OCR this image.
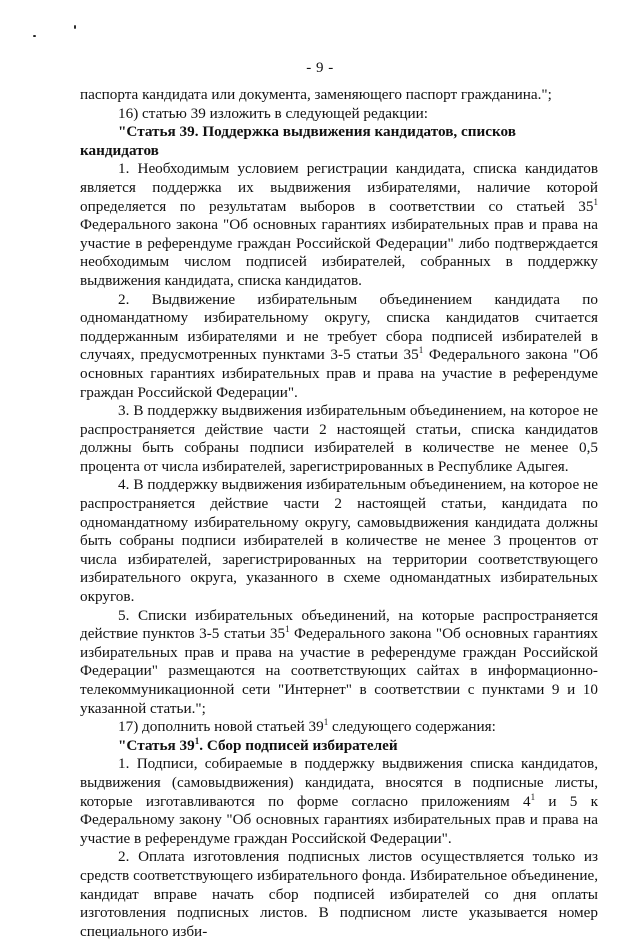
- 9 -

паспорта кандидата или документа, заменяющего паспорт гражданина.";

16) статью 39 изложить в следующей редакции:

"Статья 39. Поддержка выдвижения кандидатов, списков кандидатов

1. Необходимым условием регистрации кандидата, списка кандидатов является поддержка их выдвижения избирателями, наличие которой определяется по результатам выборов в соответствии со статьей $35^1$ Федерального закона "Об основных гарантиях избирательных прав и права на участие в референдуме граждан Российской Федерации" либо подтверждается необходимым числом подписей избирателей, собранных в поддержку выдвижения кандидата, списка кандидатов.

2. Выдвижение избирательным объединением кандидата по одномандатному избирательному округу, списка кандидатов считается поддержанным избирателями и не требует сбора подписей избирателей в случаях, предусмотренных пунктами 3-5 статьи $35^1$ Федерального закона "Об основных гарантиях избирательных прав и права на участие в референдуме граждан Российской Федерации".

3. В поддержку выдвижения избирательным объединением, на которое не распространяется действие части 2 настоящей статьи, списка кандидатов должны быть собраны подписи избирателей в количестве не менее 0,5 процента от числа избирателей, зарегистрированных в Республике Адыгея.

4. В поддержку выдвижения избирательным объединением, на которое не распространяется действие части 2 настоящей статьи, кандидата по одномандатному избирательному округу, самовыдвижения кандидата должны быть собраны подписи избирателей в количестве не менее 3 процентов от числа избирателей, зарегистрированных на территории соответствующего избирательного округа, указанного в схеме одномандатных избирательных округов.

5. Списки избирательных объединений, на которые распространяется действие пунктов 3-5 статьи $35^1$ Федерального закона "Об основных гарантиях избирательных прав и права на участие в референдуме граждан Российской Федерации" размещаются на соответствующих сайтах в информационно-телекоммуникационной сети "Интернет" в соответствии с пунктами 9 и 10 указанной статьи.";

17) дополнить новой статьей $39^1$ следующего содержания:

"Статья $39^1$. Сбор подписей избирателей

1. Подписи, собираемые в поддержку выдвижения списка кандидатов, выдвижения (самовыдвижения) кандидата, вносятся в подписные листы, которые изготавливаются по форме согласно приложениям $4^1$ и 5 к Федеральному закону "Об основных гарантиях избирательных прав и права на участие в референдуме граждан Российской Федерации".

2. Оплата изготовления подписных листов осуществляется только из средств соответствующего избирательного фонда. Избирательное объединение, кандидат вправе начать сбор подписей избирателей со дня оплаты изготовления подписных листов. В подписном листе указывается номер специального изби-
